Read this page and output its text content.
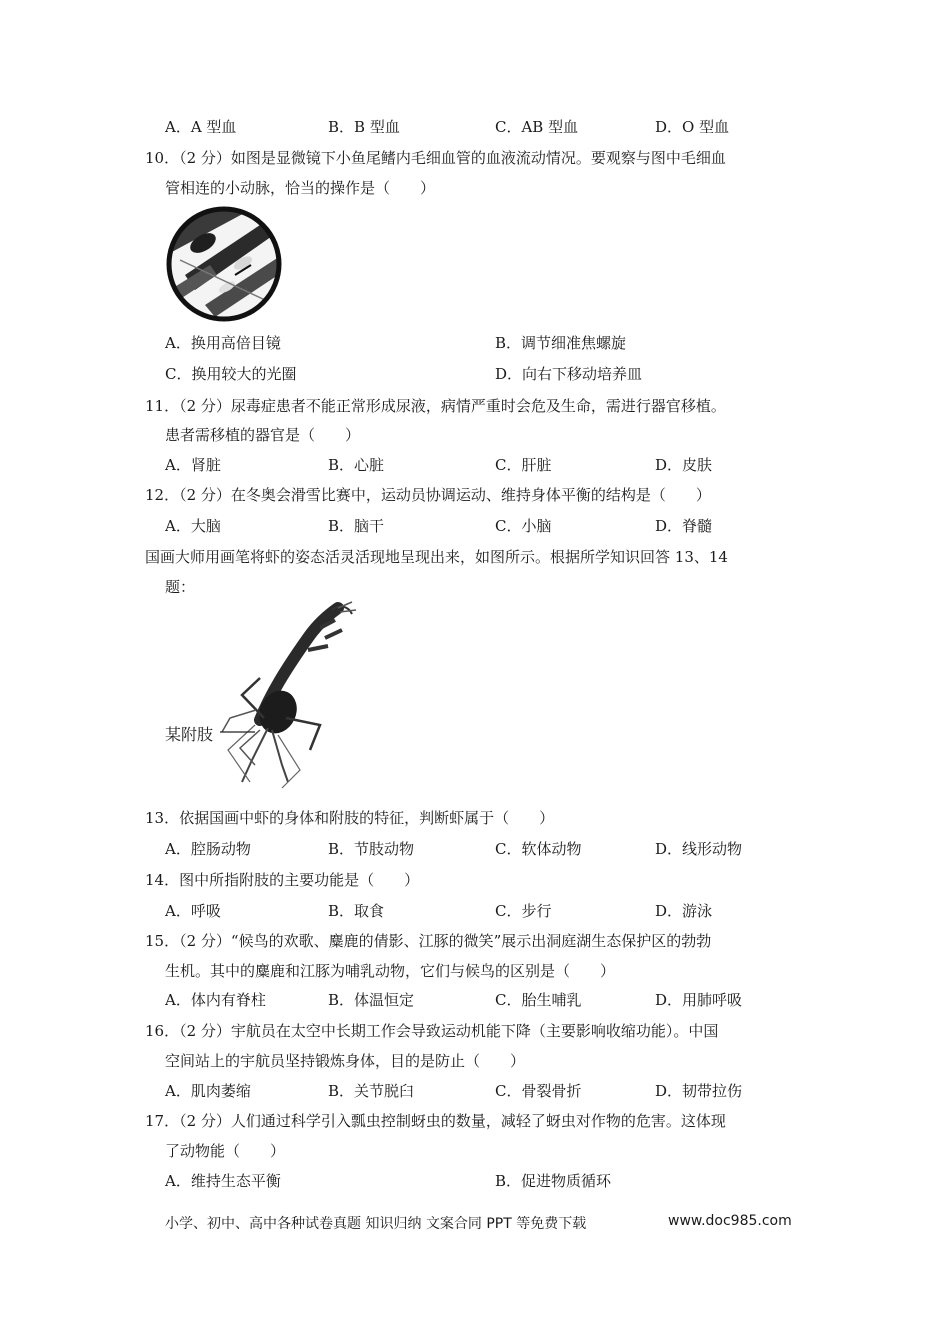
A．A 型血	B．B 型血	C．AB 型血	D．O 型血
10．（2 分）如图是显微镜下小鱼尾鳍内毛细血管的血液流动情况。要观察与图中毛细血
管相连的小动脉，恰当的操作是（　　）
A．换用高倍目镜	B．调节细准焦螺旋
C．换用较大的光圈	D．向右下移动培养皿
11．（2 分）尿毒症患者不能正常形成尿液，病情严重时会危及生命，需进行器官移植。
患者需移植的器官是（　　）
A．肾脏	B．心脏	C．肝脏	D．皮肤
12．（2 分）在冬奥会滑雪比赛中，运动员协调运动、维持身体平衡的结构是（　　）
A．大脑	B．脑干	C．小脑	D．脊髓
国画大师用画笔将虾的姿态活灵活现地呈现出来，如图所示。根据所学知识回答 13、14
题：
某附肢
13．依据国画中虾的身体和附肢的特征，判断虾属于（　　）
A．腔肠动物	B．节肢动物	C．软体动物	D．线形动物
14．图中所指附肢的主要功能是（　　）
A．呼吸	B．取食	C．步行	D．游泳
15．（2 分）“候鸟的欢歌、麋鹿的倩影、江豚的微笑”展示出洞庭湖生态保护区的勃勃
生机。其中的麋鹿和江豚为哺乳动物，它们与候鸟的区别是（　　）
A．体内有脊柱	B．体温恒定	C．胎生哺乳	D．用肺呼吸
16．（2 分）宇航员在太空中长期工作会导致运动机能下降（主要影响收缩功能）。中国
空间站上的宇航员坚持锻炼身体，目的是防止（　　）
A．肌肉萎缩	B．关节脱臼	C．骨裂骨折	D．韧带拉伤
17．（2 分）人们通过科学引入瓢虫控制蚜虫的数量，减轻了蚜虫对作物的危害。这体现
了动物能（　　）
A．维持生态平衡	B．促进物质循环
小学、初中、高中各种试卷真题 知识归纳 文案合同 PPT 等免费下载	www.doc985.com
